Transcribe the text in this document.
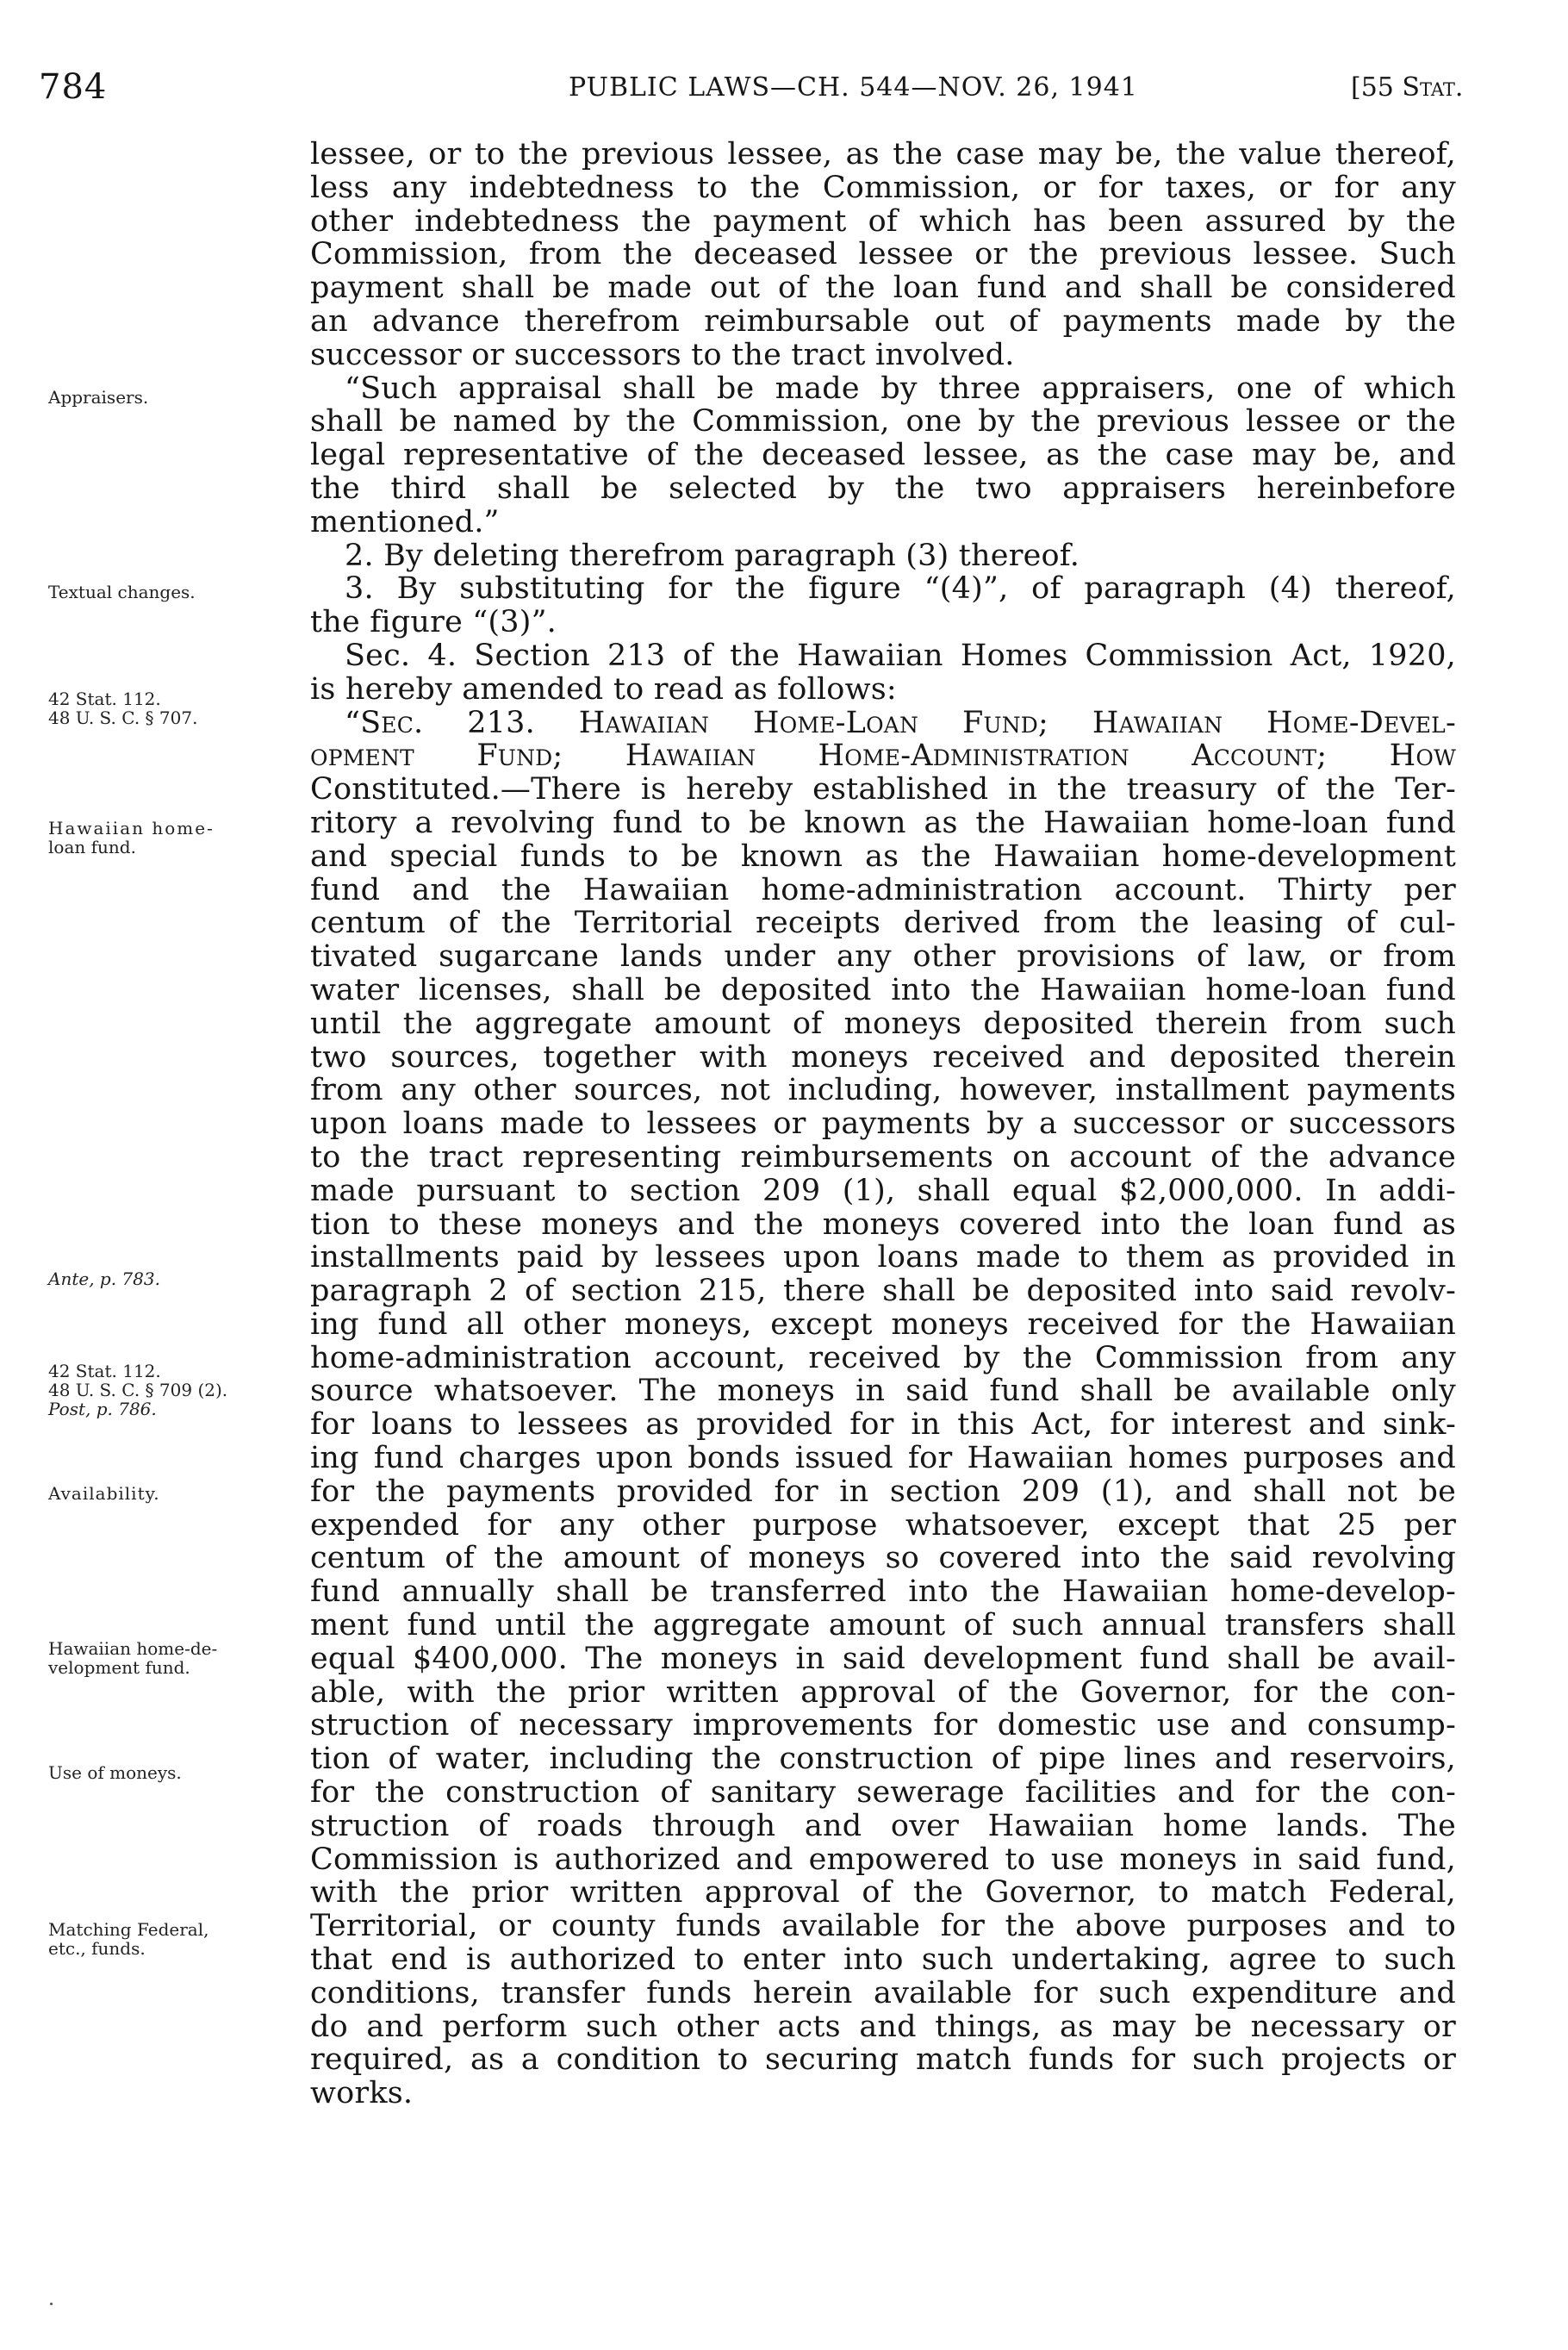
784	PUBLIC LAWS—CH. 544—NOV. 26, 1941	[55 Stat.
Appraisers.
Textual changes.
42 Stat. 112.
48 U. S. C. § 707.
Hawaiian home-
loan fund.
Ante, p. 783.
42 Stat. 112.
48 U. S. C. § 709 (2).
Post, p. 786.
Availability.
Hawaiian home-de-
velopment fund.
Use of moneys.
Matching Federal,
etc., funds.
lessee, or to the previous lessee, as the case may be, the value thereof,
less any indebtedness to the Commission, or for taxes, or for any
other indebtedness the payment of which has been assured by the
Commission, from the deceased lessee or the previous lessee. Such
payment shall be made out of the loan fund and shall be considered
an advance therefrom reimbursable out of payments made by the
successor or successors to the tract involved.
“Such appraisal shall be made by three appraisers, one of which
shall be named by the Commission, one by the previous lessee or the
legal representative of the deceased lessee, as the case may be, and
the third shall be selected by the two appraisers hereinbefore
mentioned.”
2. By deleting therefrom paragraph (3) thereof.
3. By substituting for the figure “(4)”, of paragraph (4) thereof,
the figure “(3)”.
Sec. 4. Section 213 of the Hawaiian Homes Commission Act, 1920,
is hereby amended to read as follows:
“Sec. 213. Hawaiian Home-Loan Fund; Hawaiian Home-Devel-
opment Fund; Hawaiian Home-Administration Account; How
Constituted.—There is hereby established in the treasury of the Ter-
ritory a revolving fund to be known as the Hawaiian home-loan fund
and special funds to be known as the Hawaiian home-development
fund and the Hawaiian home-administration account. Thirty per
centum of the Territorial receipts derived from the leasing of cul-
tivated sugarcane lands under any other provisions of law, or from
water licenses, shall be deposited into the Hawaiian home-loan fund
until the aggregate amount of moneys deposited therein from such
two sources, together with moneys received and deposited therein
from any other sources, not including, however, installment payments
upon loans made to lessees or payments by a successor or successors
to the tract representing reimbursements on account of the advance
made pursuant to section 209 (1), shall equal $2,000,000. In addi-
tion to these moneys and the moneys covered into the loan fund as
installments paid by lessees upon loans made to them as provided in
paragraph 2 of section 215, there shall be deposited into said revolv-
ing fund all other moneys, except moneys received for the Hawaiian
home-administration account, received by the Commission from any
source whatsoever. The moneys in said fund shall be available only
for loans to lessees as provided for in this Act, for interest and sink-
ing fund charges upon bonds issued for Hawaiian homes purposes and
for the payments provided for in section 209 (1), and shall not be
expended for any other purpose whatsoever, except that 25 per
centum of the amount of moneys so covered into the said revolving
fund annually shall be transferred into the Hawaiian home-develop-
ment fund until the aggregate amount of such annual transfers shall
equal $400,000. The moneys in said development fund shall be avail-
able, with the prior written approval of the Governor, for the con-
struction of necessary improvements for domestic use and consump-
tion of water, including the construction of pipe lines and reservoirs,
for the construction of sanitary sewerage facilities and for the con-
struction of roads through and over Hawaiian home lands. The
Commission is authorized and empowered to use moneys in said fund,
with the prior written approval of the Governor, to match Federal,
Territorial, or county funds available for the above purposes and to
that end is authorized to enter into such undertaking, agree to such
conditions, transfer funds herein available for such expenditure and
do and perform such other acts and things, as may be necessary or
required, as a condition to securing match funds for such projects or
works.
